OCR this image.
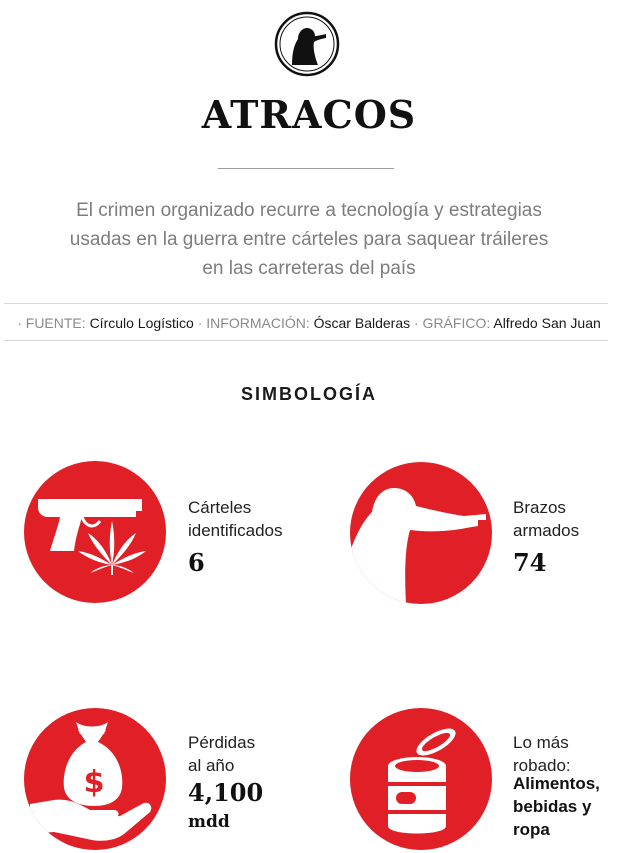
ATRACOS
El crimen organizado recurre a tecnología y estrategias
usadas en la guerra entre cárteles para saquear tráileres
en las carreteras del país
· FUENTE: Círculo Logístico · INFORMACIÓN: Óscar Balderas · GRÁFICO: Alfredo San Juan
SIMBOLOGÍA
Cárteles
identificados
6
Brazos
armados
74
$
Pérdidas
al año
4,100
mdd
Lo más
robado:
Alimentos,
bebidas y
ropa
